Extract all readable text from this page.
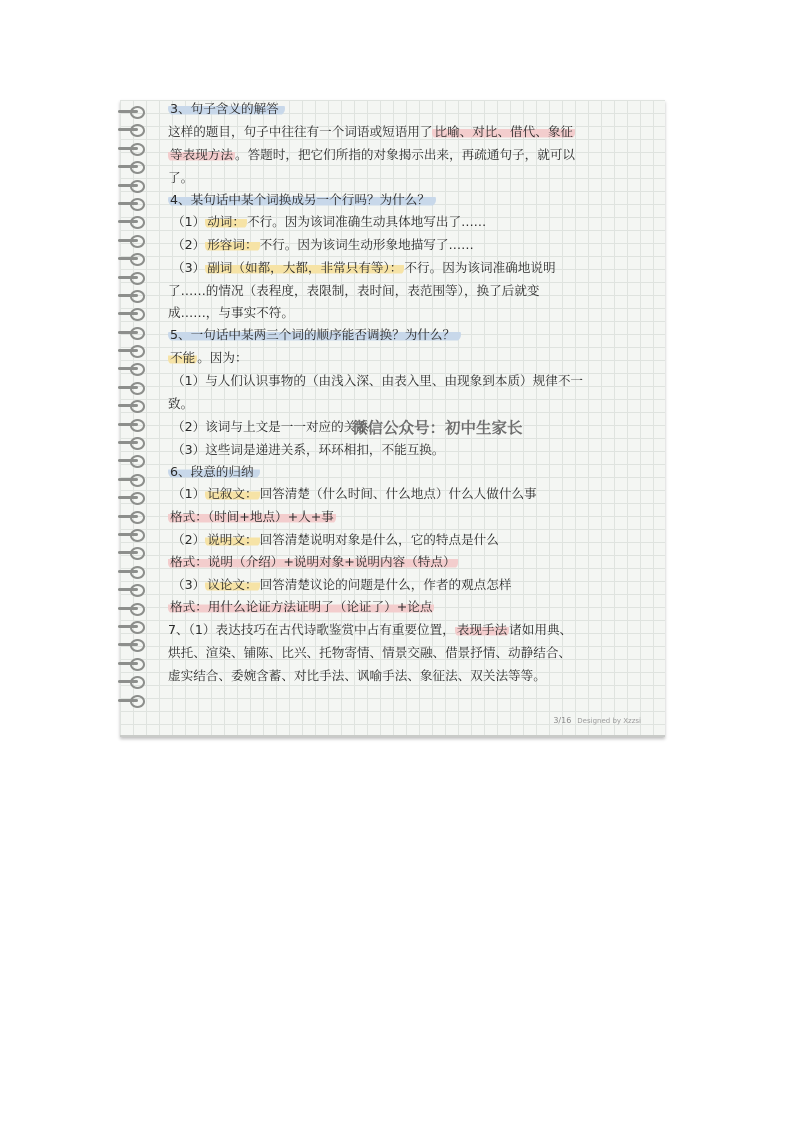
3、句子含义的解答
这样的题目，句子中往往有一个词语或短语用了 比喻、对比、借代、象征
等表现方法 。答题时，把它们所指的对象揭示出来，再疏通句子，就可以
了。
4、某句话中某个词换成另一个行吗？为什么？
（1） 动词： 不行。因为该词准确生动具体地写出了……
（2） 形容词： 不行。因为该词生动形象地描写了……
（3） 副词（如都，大都，非常只有等）： 不行。因为该词准确地说明
了……的情况（表程度，表限制，表时间，表范围等），换了后就变
成……，与事实不符。
5、一句话中某两三个词的顺序能否调换？为什么？
不能 。因为：
（1）与人们认识事物的（由浅入深、由表入里、由现象到本质）规律不一
致。
（2）该词与上文是一一对应的关系。
（3）这些词是递进关系，环环相扣，不能互换。
6、段意的归纳
（1） 记叙文： 回答清楚（什么时间、什么地点）什么人做什么事
格式：（时间+地点）+人+事
（2） 说明文： 回答清楚说明对象是什么，它的特点是什么
格式：说明（介绍）+说明对象+说明内容（特点）
（3） 议论文： 回答清楚议论的问题是什么，作者的观点怎样
格式：用什么论证方法证明了（论证了）+论点
7、（1）表达技巧在古代诗歌鉴赏中占有重要位置， 表现手法 诸如用典、
烘托、渲染、铺陈、比兴、托物寄情、情景交融、借景抒情、动静结合、
虚实结合、委婉含蓄、对比手法、讽喻手法、象征法、双关法等等。
微信公众号：初中生家长
3/16 Designed by Xzzsi
